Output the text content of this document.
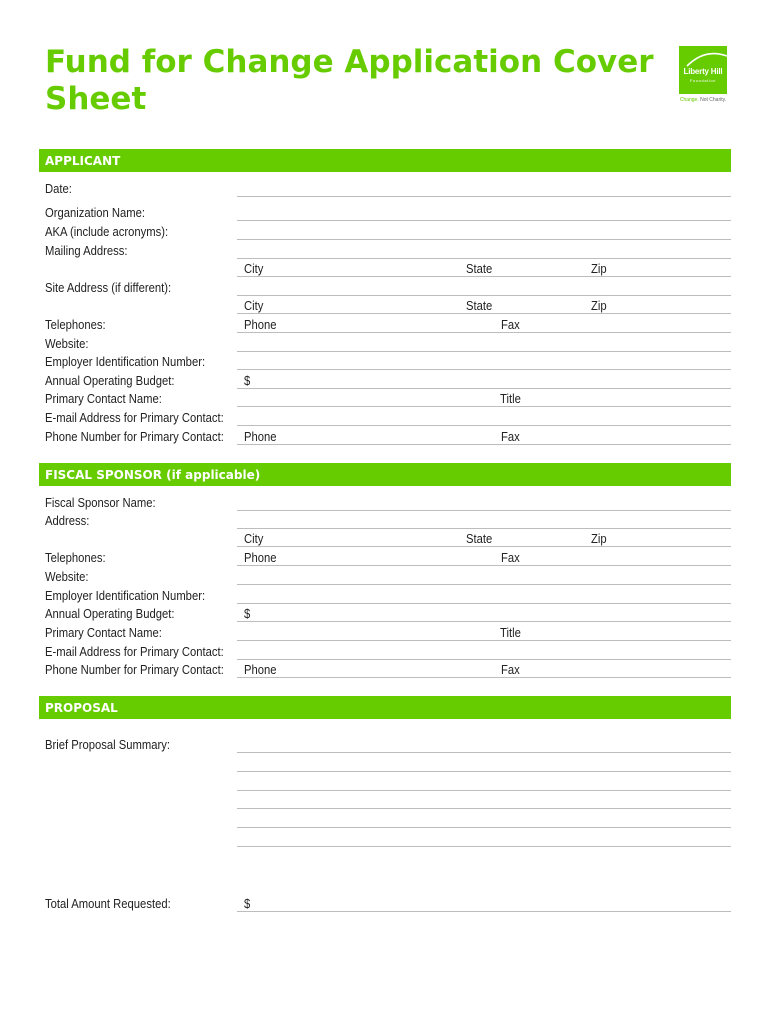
Fund for Change Application Cover Sheet
Liberty Hill
Foundation
Change. Not Charity.
APPLICANT
Date:
Organization Name:
AKA (include acronyms):
Mailing Address:
City	State	Zip
Site Address (if different):
City	State	Zip
Telephones:	Phone	Fax
Website:
Employer Identification Number:
Annual Operating Budget:	$
Primary Contact Name:	Title
E-mail Address for Primary Contact:
Phone Number for Primary Contact: Phone	Fax
FISCAL SPONSOR (if applicable)
Fiscal Sponsor Name:
Address:
City	State	Zip
Telephones:	Phone	Fax
Website:
Employer Identification Number:
Annual Operating Budget:	$
Primary Contact Name:	Title
E-mail Address for Primary Contact:
Phone Number for Primary Contact: Phone	Fax
PROPOSAL
Brief Proposal Summary:
Total Amount Requested:	$
